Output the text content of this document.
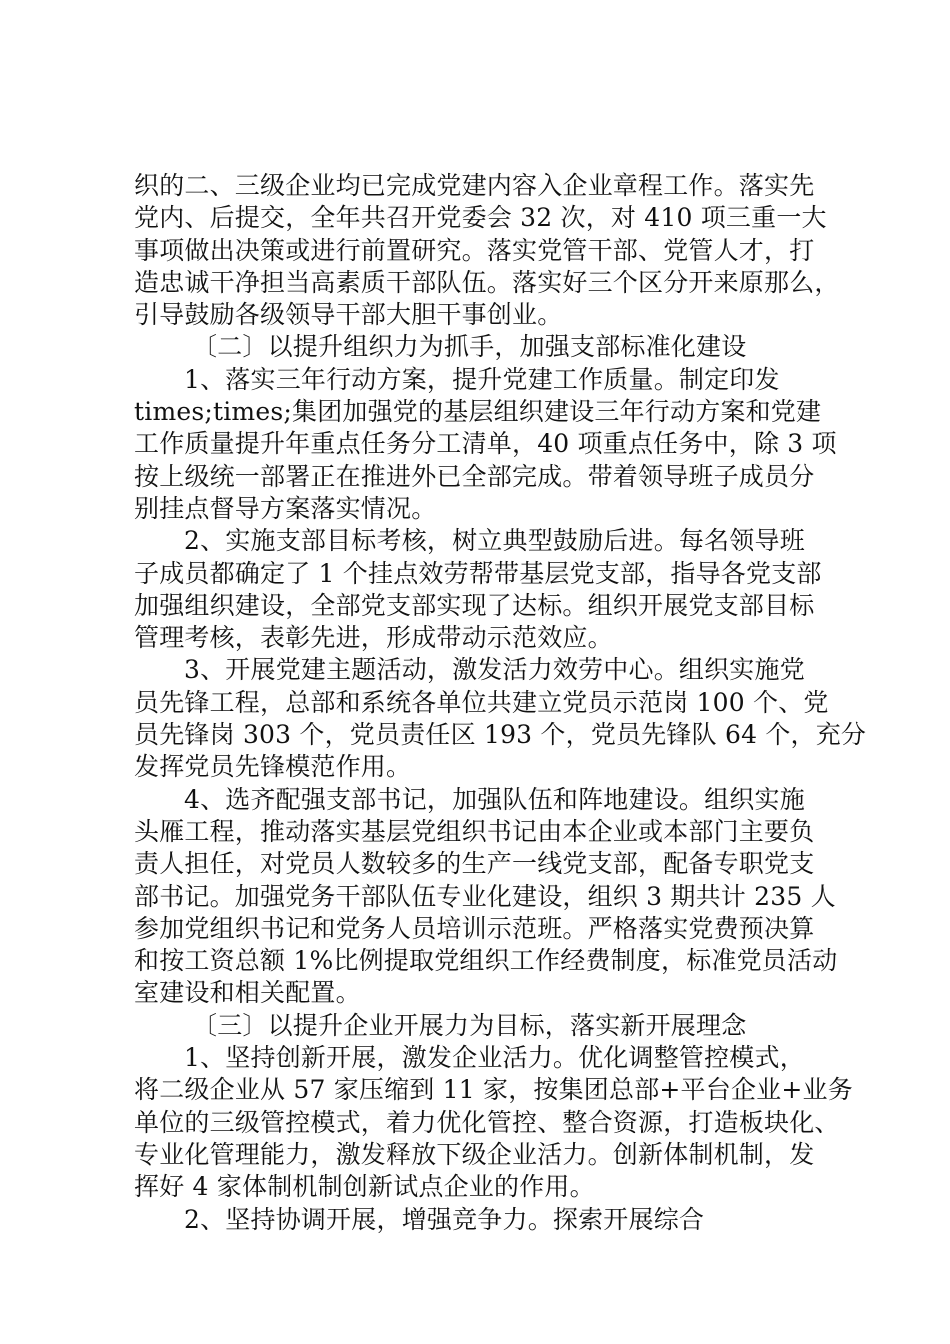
织的二、三级企业均已完成党建内容入企业章程工作。落实先
党内、后提交，全年共召开党委会 32 次，对 410 项三重一大
事项做出决策或进行前置研究。落实党管干部、党管人才，打
造忠诚干净担当高素质干部队伍。落实好三个区分开来原那么，
引导鼓励各级领导干部大胆干事创业。
〔二〕以提升组织力为抓手，加强支部标准化建设
1、落实三年行动方案，提升党建工作质量。制定印发
times;times;集团加强党的基层组织建设三年行动方案和党建
工作质量提升年重点任务分工清单，40 项重点任务中，除 3 项
按上级统一部署正在推进外已全部完成。带着领导班子成员分
别挂点督导方案落实情况。
2、实施支部目标考核，树立典型鼓励后进。每名领导班
子成员都确定了 1 个挂点效劳帮带基层党支部，指导各党支部
加强组织建设，全部党支部实现了达标。组织开展党支部目标
管理考核，表彰先进，形成带动示范效应。
3、开展党建主题活动，激发活力效劳中心。组织实施党
员先锋工程，总部和系统各单位共建立党员示范岗 100 个、党
员先锋岗 303 个，党员责任区 193 个，党员先锋队 64 个，充分
发挥党员先锋模范作用。
4、选齐配强支部书记，加强队伍和阵地建设。组织实施
头雁工程，推动落实基层党组织书记由本企业或本部门主要负
责人担任，对党员人数较多的生产一线党支部，配备专职党支
部书记。加强党务干部队伍专业化建设，组织 3 期共计 235 人
参加党组织书记和党务人员培训示范班。严格落实党费预决算
和按工资总额 1%比例提取党组织工作经费制度，标准党员活动
室建设和相关配置。
〔三〕以提升企业开展力为目标，落实新开展理念
1、坚持创新开展，激发企业活力。优化调整管控模式，
将二级企业从 57 家压缩到 11 家，按集团总部+平台企业+业务
单位的三级管控模式，着力优化管控、整合资源，打造板块化、
专业化管理能力，激发释放下级企业活力。创新体制机制，发
挥好 4 家体制机制创新试点企业的作用。
2、坚持协调开展，增强竞争力。探索开展综合
